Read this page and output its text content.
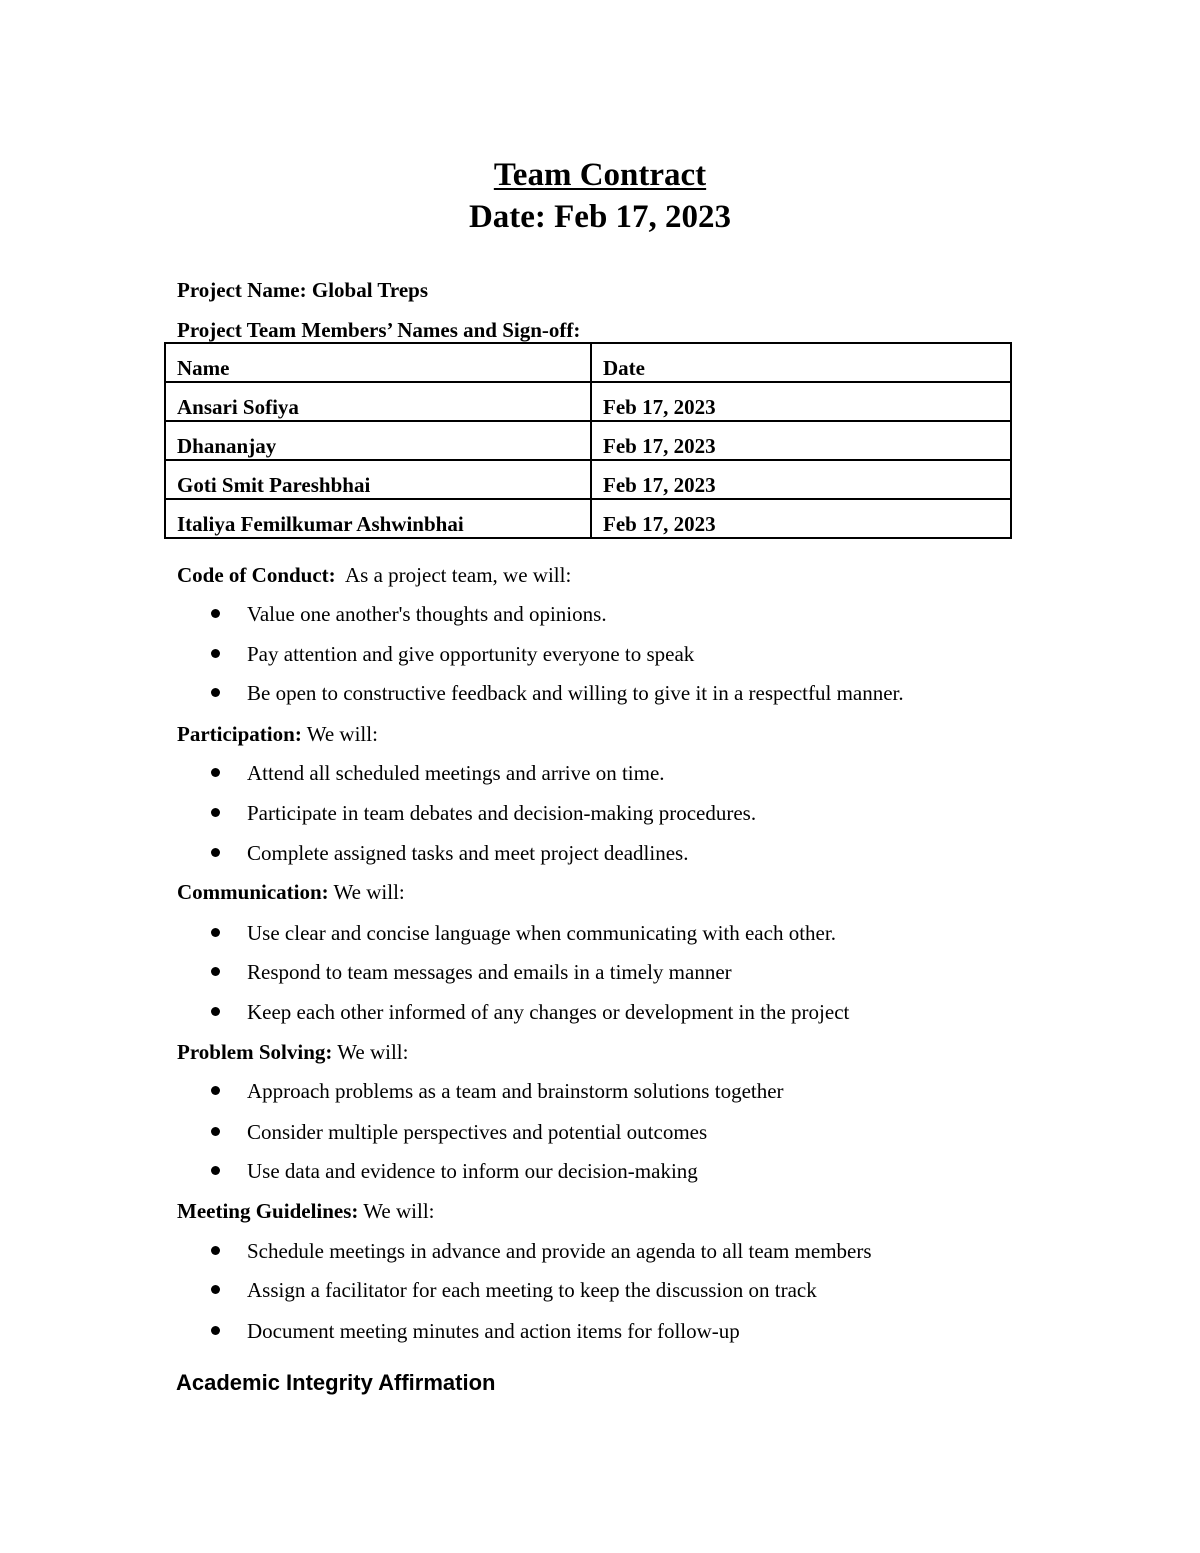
Team Contract
Date: Feb 17, 2023
Project Name: Global Treps
Project Team Members’ Names and Sign-off:
Name	Date
Ansari Sofiya	Feb 17, 2023
Dhananjay	Feb 17, 2023
Goti Smit Pareshbhai	Feb 17, 2023
Italiya Femilkumar Ashwinbhai	Feb 17, 2023
Code of Conduct: As a project team, we will:
Value one another's thoughts and opinions.
Pay attention and give opportunity everyone to speak
Be open to constructive feedback and willing to give it in a respectful manner.
Participation: We will:
Attend all scheduled meetings and arrive on time.
Participate in team debates and decision-making procedures.
Complete assigned tasks and meet project deadlines.
Communication: We will:
Use clear and concise language when communicating with each other.
Respond to team messages and emails in a timely manner
Keep each other informed of any changes or development in the project
Problem Solving: We will:
Approach problems as a team and brainstorm solutions together
Consider multiple perspectives and potential outcomes
Use data and evidence to inform our decision-making
Meeting Guidelines: We will:
Schedule meetings in advance and provide an agenda to all team members
Assign a facilitator for each meeting to keep the discussion on track
Document meeting minutes and action items for follow-up
Academic Integrity Affirmation
